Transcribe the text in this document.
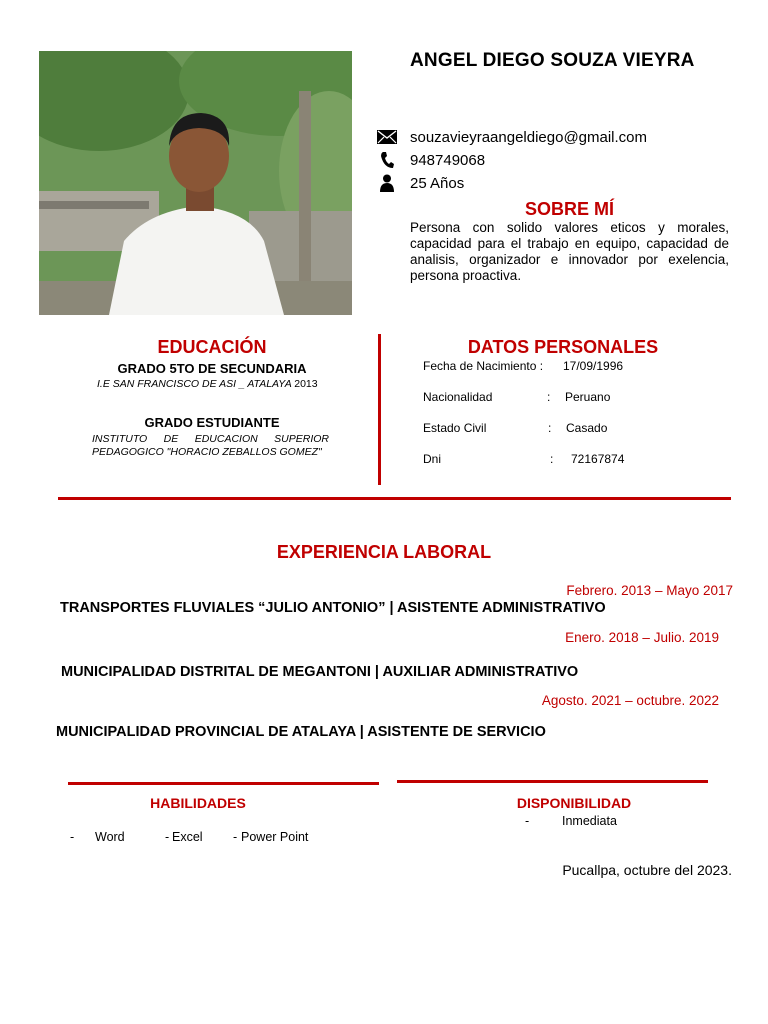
ANGEL DIEGO SOUZA VIEYRA
souzavieyraangeldiego@gmail.com
948749068
25 Años
SOBRE MÍ
Persona con solido valores eticos y morales, capacidad para el trabajo en equipo, capacidad de analisis, organizador e innovador por exelencia, persona proactiva.
EDUCACIÓN
GRADO 5TO DE SECUNDARIA
I.E SAN FRANCISCO DE ASI _ ATALAYA 2013
GRADO ESTUDIANTE
INSTITUTO DE EDUCACION SUPERIOR PEDAGOGICO "HORACIO ZEBALLOS GOMEZ"
DATOS PERSONALES
Fecha de Nacimiento :	17/09/1996
Nacionalidad	:	Peruano
Estado Civil	:	Casado
Dni	:	72167874
EXPERIENCIA LABORAL
Febrero. 2013 – Mayo 2017
TRANSPORTES FLUVIALES “JULIO ANTONIO” | ASISTENTE ADMINISTRATIVO
Enero. 2018 – Julio. 2019
MUNICIPALIDAD DISTRITAL DE MEGANTONI | AUXILIAR ADMINISTRATIVO
Agosto. 2021 – octubre. 2022
MUNICIPALIDAD PROVINCIAL DE ATALAYA | ASISTENTE DE SERVICIO
HABILIDADES
-	Word	- Excel	- Power Point
DISPONIBILIDAD
-	Inmediata
Pucallpa, octubre del 2023.
